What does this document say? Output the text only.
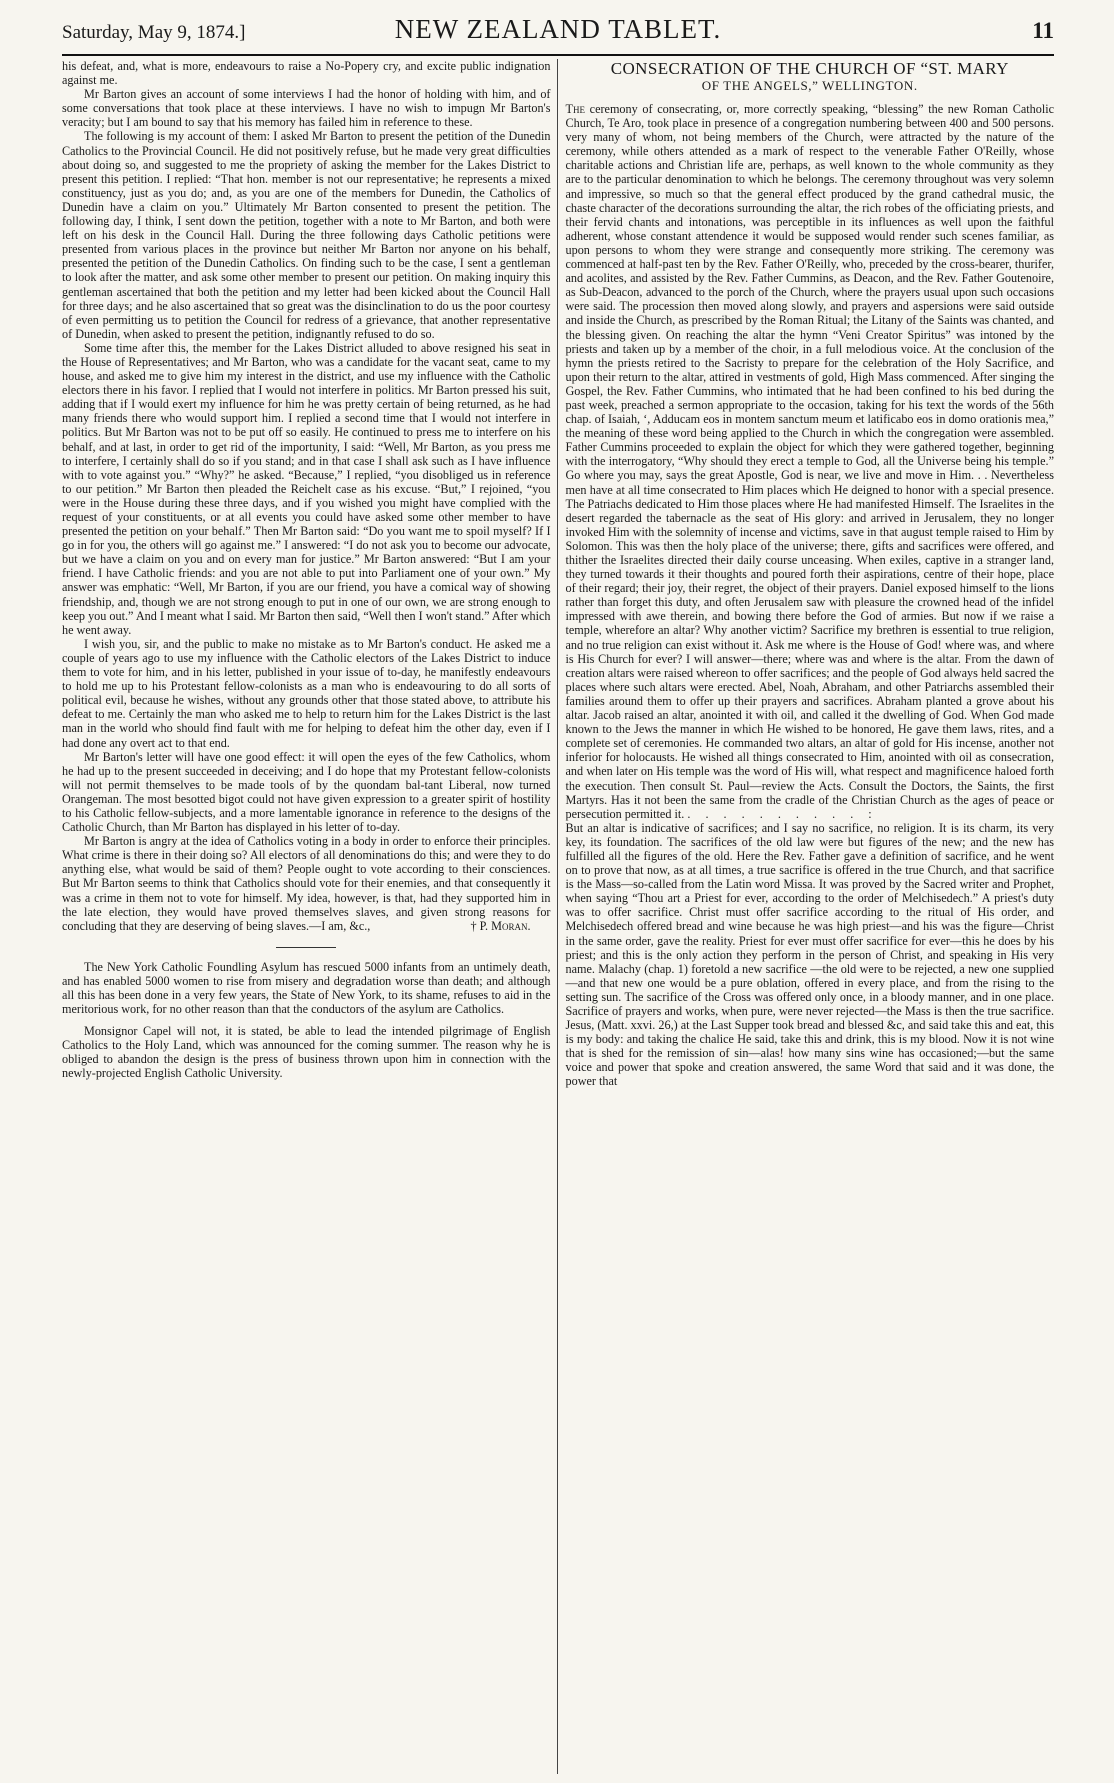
Saturday, May 9, 1874.]	NEW ZEALAND TABLET.	11

his defeat, and, what is more, endeavours to raise a No-Popery cry, and excite public indignation against me.

Mr Barton gives an account of some interviews I had the honor of holding with him, and of some conversations that took place at these interviews. I have no wish to impugn Mr Barton's veracity; but I am bound to say that his memory has failed him in reference to these.

The following is my account of them: I asked Mr Barton to present the petition of the Dunedin Catholics to the Provincial Council. He did not positively refuse, but he made very great difficulties about doing so, and suggested to me the propriety of asking the member for the Lakes District to present this petition. I replied: “That hon. member is not our representative; he represents a mixed constituency, just as you do; and, as you are one of the members for Dunedin, the Catholics of Dunedin have a claim on you.” Ultimately Mr Barton consented to present the petition. The following day, I think, I sent down the petition, together with a note to Mr Barton, and both were left on his desk in the Council Hall. During the three following days Catholic petitions were presented from various places in the province but neither Mr Barton nor anyone on his behalf, presented the petition of the Dunedin Catholics. On finding such to be the case, I sent a gentleman to look after the matter, and ask some other member to present our petition. On making inquiry this gentleman ascertained that both the petition and my letter had been kicked about the Council Hall for three days; and he also ascertained that so great was the disinclination to do us the poor courtesy of even permitting us to petition the Council for redress of a grievance, that another representative of Dunedin, when asked to present the petition, indignantly refused to do so.

Some time after this, the member for the Lakes District alluded to above resigned his seat in the House of Representatives; and Mr Barton, who was a candidate for the vacant seat, came to my house, and asked me to give him my interest in the district, and use my influence with the Catholic electors there in his favor. I replied that I would not interfere in politics. Mr Barton pressed his suit, adding that if I would exert my influence for him he was pretty certain of being returned, as he had many friends there who would support him. I replied a second time that I would not interfere in politics. But Mr Barton was not to be put off so easily. He continued to press me to interfere on his behalf, and at last, in order to get rid of the importunity, I said: “Well, Mr Barton, as you press me to interfere, I certainly shall do so if you stand; and in that case I shall ask such as I have influence with to vote against you.” “Why?” he asked. “Because,” I replied, “you disobliged us in reference to our petition.” Mr Barton then pleaded the Reichelt case as his excuse. “But,” I rejoined, “you were in the House during these three days, and if you wished you might have complied with the request of your constituents, or at all events you could have asked some other member to have presented the petition on your behalf.” Then Mr Barton said: “Do you want me to spoil myself? If I go in for you, the others will go against me.” I answered: “I do not ask you to become our advocate, but we have a claim on you and on every man for justice.” Mr Barton answered: “But I am your friend. I have Catholic friends: and you are not able to put into Parliament one of your own.” My answer was emphatic: “Well, Mr Barton, if you are our friend, you have a comical way of showing friendship, and, though we are not strong enough to put in one of our own, we are strong enough to keep you out.” And I meant what I said. Mr Barton then said, “Well then I won't stand.” After which he went away.

I wish you, sir, and the public to make no mistake as to Mr Barton's conduct. He asked me a couple of years ago to use my influence with the Catholic electors of the Lakes District to induce them to vote for him, and in his letter, published in your issue of to-day, he manifestly endeavours to hold me up to his Protestant fellow-colonists as a man who is endeavouring to do all sorts of political evil, because he wishes, without any grounds other that those stated above, to attribute his defeat to me. Certainly the man who asked me to help to return him for the Lakes District is the last man in the world who should find fault with me for helping to defeat him the other day, even if I had done any overt act to that end.

Mr Barton's letter will have one good effect: it will open the eyes of the few Catholics, whom he had up to the present succeeded in deceiving; and I do hope that my Protestant fellow-colonists will not permit themselves to be made tools of by the quondam bal-tant Liberal, now turned Orangeman. The most besotted bigot could not have given expression to a greater spirit of hostility to his Catholic fellow-subjects, and a more lamentable ignorance in reference to the designs of the Catholic Church, than Mr Barton has displayed in his letter of to-day.

Mr Barton is angry at the idea of Catholics voting in a body in order to enforce their principles. What crime is there in their doing so? All electors of all denominations do this; and were they to do anything else, what would be said of them? People ought to vote according to their consciences. But Mr Barton seems to think that Catholics should vote for their enemies, and that consequently it was a crime in them not to vote for himself. My idea, however, is that, had they supported him in the late election, they would have proved themselves slaves, and given strong reasons for concluding that they are deserving of being slaves.—I am, &c.,	† P. Moran.

The New York Catholic Foundling Asylum has rescued 5000 infants from an untimely death, and has enabled 5000 women to rise from misery and degradation worse than death; and although all this has been done in a very few years, the State of New York, to its shame, refuses to aid in the meritorious work, for no other reason than that the conductors of the asylum are Catholics.

Monsignor Capel will not, it is stated, be able to lead the intended pilgrimage of English Catholics to the Holy Land, which was announced for the coming summer. The reason why he is obliged to abandon the design is the press of business thrown upon him in connection with the newly-projected English Catholic University.

CONSECRATION OF THE CHURCH OF “ST. MARY
OF THE ANGELS,” WELLINGTON.

The ceremony of consecrating, or, more correctly speaking, “blessing” the new Roman Catholic Church, Te Aro, took place in presence of a congregation numbering between 400 and 500 persons. very many of whom, not being members of the Church, were attracted by the nature of the ceremony, while others attended as a mark of respect to the venerable Father O'Reilly, whose charitable actions and Christian life are, perhaps, as well known to the whole community as they are to the particular denomination to which he belongs. The ceremony throughout was very solemn and impressive, so much so that the general effect produced by the grand cathedral music, the chaste character of the decorations surrounding the altar, the rich robes of the officiating priests, and their fervid chants and intonations, was perceptible in its influences as well upon the faithful adherent, whose constant attendence it would be supposed would render such scenes familiar, as upon persons to whom they were strange and consequently more striking. The ceremony was commenced at half-past ten by the Rev. Father O'Reilly, who, preceded by the cross-bearer, thurifer, and acolites, and assisted by the Rev. Father Cummins, as Deacon, and the Rev. Father Goutenoire, as Sub-Deacon, advanced to the porch of the Church, where the prayers usual upon such occasions were said. The procession then moved along slowly, and prayers and aspersions were said outside and inside the Church, as prescribed by the Roman Ritual; the Litany of the Saints was chanted, and the blessing given. On reaching the altar the hymn “Veni Creator Spiritus” was intoned by the priests and taken up by a member of the choir, in a full melodious voice. At the conclusion of the hymn the priests retired to the Sacristy to prepare for the celebration of the Holy Sacrifice, and upon their return to the altar, attired in vestments of gold, High Mass commenced. After singing the Gospel, the Rev. Father Cummins, who intimated that he had been confined to his bed during the past week, preached a sermon appropriate to the occasion, taking for his text the words of the 56th chap. of Isaiah, ‘, Adducam eos in montem sanctum meum et latificabo eos in domo orationis mea,” the meaning of these word being applied to the Church in which the congregation were assembled. Father Cummins proceeded to explain the object for which they were gathered together, beginning with the interrogatory, “Why should they erect a temple to God, all the Universe being his temple.” Go where you may, says the great Apostle, God is near, we live and move in Him. . . Nevertheless men have at all time consecrated to Him places which He deigned to honor with a special presence. The Patriachs dedicated to Him those places where He had manifested Himself. The Israelites in the desert regarded the tabernacle as the seat of His glory: and arrived in Jerusalem, they no longer invoked Him with the solemnity of incense and victims, save in that august temple raised to Him by Solomon. This was then the holy place of the universe; there, gifts and sacrifices were offered, and thither the Israelites directed their daily course unceasing. When exiles, captive in a stranger land, they turned towards it their thoughts and poured forth their aspirations, centre of their hope, place of their regard; their joy, their regret, the object of their prayers. Daniel exposed himself to the lions rather than forget this duty, and often Jerusalem saw with pleasure the crowned head of the infidel impressed with awe therein, and bowing there before the God of armies. But now if we raise a temple, wherefore an altar? Why another victim? Sacrifice my brethren is essential to true religion, and no true religion can exist without it. Ask me where is the House of God! where was, and where is His Church for ever? I will answer—there; where was and where is the altar. From the dawn of creation altars were raised whereon to offer sacrifices; and the people of God always held sacred the places where such altars were erected. Abel, Noah, Abraham, and other Patriarchs assembled their families around them to offer up their prayers and sacrifices. Abraham planted a grove about his altar. Jacob raised an altar, anointed it with oil, and called it the dwelling of God. When God made known to the Jews the manner in which He wished to be honored, He gave them laws, rites, and a complete set of ceremonies. He commanded two altars, an altar of gold for His incense, another not inferior for holocausts. He wished all things consecrated to Him, anointed with oil as consecration, and when later on His temple was the word of His will, what respect and magnificence haloed forth the execution. Then consult St. Paul—review the Acts. Consult the Doctors, the Saints, the first Martyrs. Has it not been the same from the cradle of the Christian Church as the ages of peace or persecution permitted it. . . . . . . . . . . :

But an altar is indicative of sacrifices; and I say no sacrifice, no religion. It is its charm, its very key, its foundation. The sacrifices of the old law were but figures of the new; and the new has fulfilled all the figures of the old. Here the Rev. Father gave a definition of sacrifice, and he went on to prove that now, as at all times, a true sacrifice is offered in the true Church, and that sacrifice is the Mass—so-called from the Latin word Missa. It was proved by the Sacred writer and Prophet, when saying “Thou art a Priest for ever, according to the order of Melchisedech.” A priest's duty was to offer sacrifice. Christ must offer sacrifice according to the ritual of His order, and Melchisedech offered bread and wine because he was high priest—and his was the figure—Christ in the same order, gave the reality. Priest for ever must offer sacrifice for ever—this he does by his priest; and this is the only action they perform in the person of Christ, and speaking in His very name. Malachy (chap. 1) foretold a new sacrifice —the old were to be rejected, a new one supplied—and that new one would be a pure oblation, offered in every place, and from the rising to the setting sun. The sacrifice of the Cross was offered only once, in a bloody manner, and in one place. Sacrifice of prayers and works, when pure, were never rejected—the Mass is then the true sacrifice. Jesus, (Matt. xxvi. 26,) at the Last Supper took bread and blessed &c, and said take this and eat, this is my body: and taking the chalice He said, take this and drink, this is my blood. Now it is not wine that is shed for the remission of sin—alas! how many sins wine has occasioned;—but the same voice and power that spoke and creation answered, the same Word that said and it was done, the power that
